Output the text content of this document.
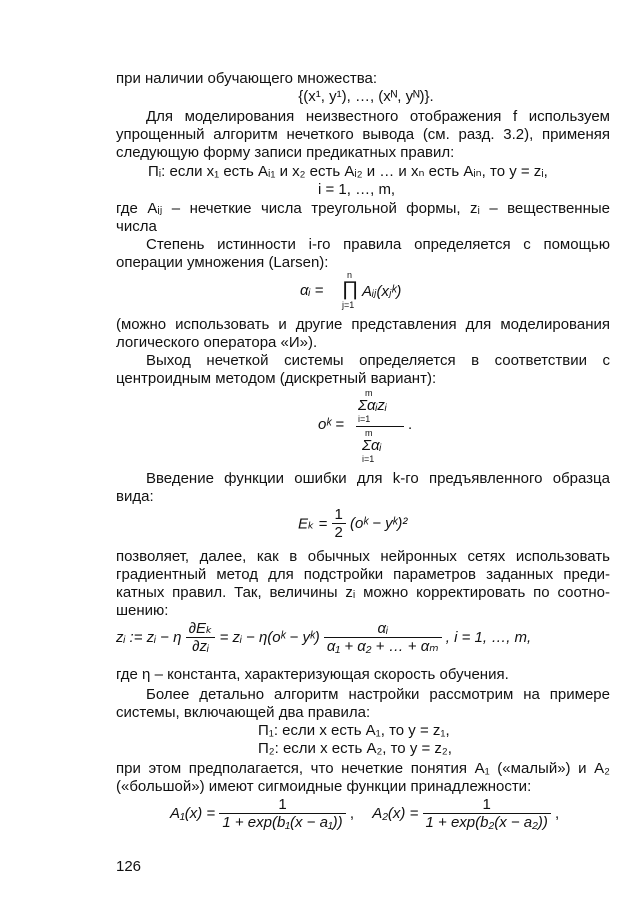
при наличии обучающего множества:
{(x¹, y¹), …, (xᴺ, yᴺ)}.
Для моделирования неизвестного отображения f используем
упрощенный алгоритм нечеткого вывода (см. разд. 3.2), применяя
следующую форму записи предикатных правил:
Пᵢ: если x₁ есть Aᵢ₁ и x₂ есть Aᵢ₂ и … и xₙ есть Aᵢₙ, то y = zᵢ,
i = 1, …, m,
где Aᵢⱼ – нечеткие числа треугольной формы, zᵢ – вещественные
числа
Степень истинности i-го правила определяется с помощью
операции умножения (Larsen):
αᵢ =
n
∏
j=1
Aᵢⱼ(xⱼᵏ)
(можно использовать и другие представления для моделирования
логического оператора «И»).
Выход нечеткой системы определяется в соответствии с
центроидным методом (дискретный вариант):
oᵏ =
m
Σαᵢzᵢ
i=1
m
Σαᵢ
i=1
.
Введение функции ошибки для k-го предъявленного образца
вида:
$E_k = \frac{1}{2}$ (oᵏ − yᵏ)²
позволяет, далее, как в обычных нейронных сетях использовать
градиентный метод для подстройки параметров заданных преди-
катных правил. Так, величины zᵢ можно корректировать по соотно-
шению:
zᵢ := zᵢ − η $\frac{\text{∂Eₖ}}{\text{∂zᵢ}}$ = zᵢ − η(oᵏ − yᵏ) $\frac{\text{αᵢ}}{\text{α₁ + α₂ + … + αₘ}}$ , i = 1, …, m,
где η – константа, характеризующая скорость обучения.
Более детально алгоритм настройки рассмотрим на примере
системы, включающей два правила:
П₁: если x есть A₁, то y = z₁,
П₂: если x есть A₂, то y = z₂,
при этом предполагается, что нечеткие понятия A₁ («малый») и A₂
(«большой») имеют сигмоидные функции принадлежности:
$A_1(x) = \frac{1}{\text{1 + exp(b₁(x − a₁))}}$ , $A_2(x) = \frac{1}{\text{1 + exp(b₂(x − a₂))}}$ ,
126
